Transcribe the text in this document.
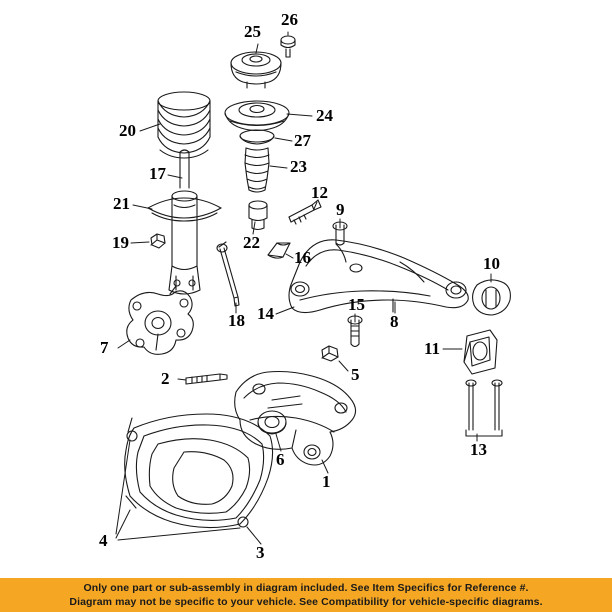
1
2
3
4
5
6
7
8
9
10
11
12
13
14	15
16
17
18
19
20
21
22
23
24
25
26
27
Only one part or sub-assembly in diagram included. See Item Specifics for Reference #.
Diagram may not be specific to your vehicle. See Compatibility for vehicle-specific diagrams.
